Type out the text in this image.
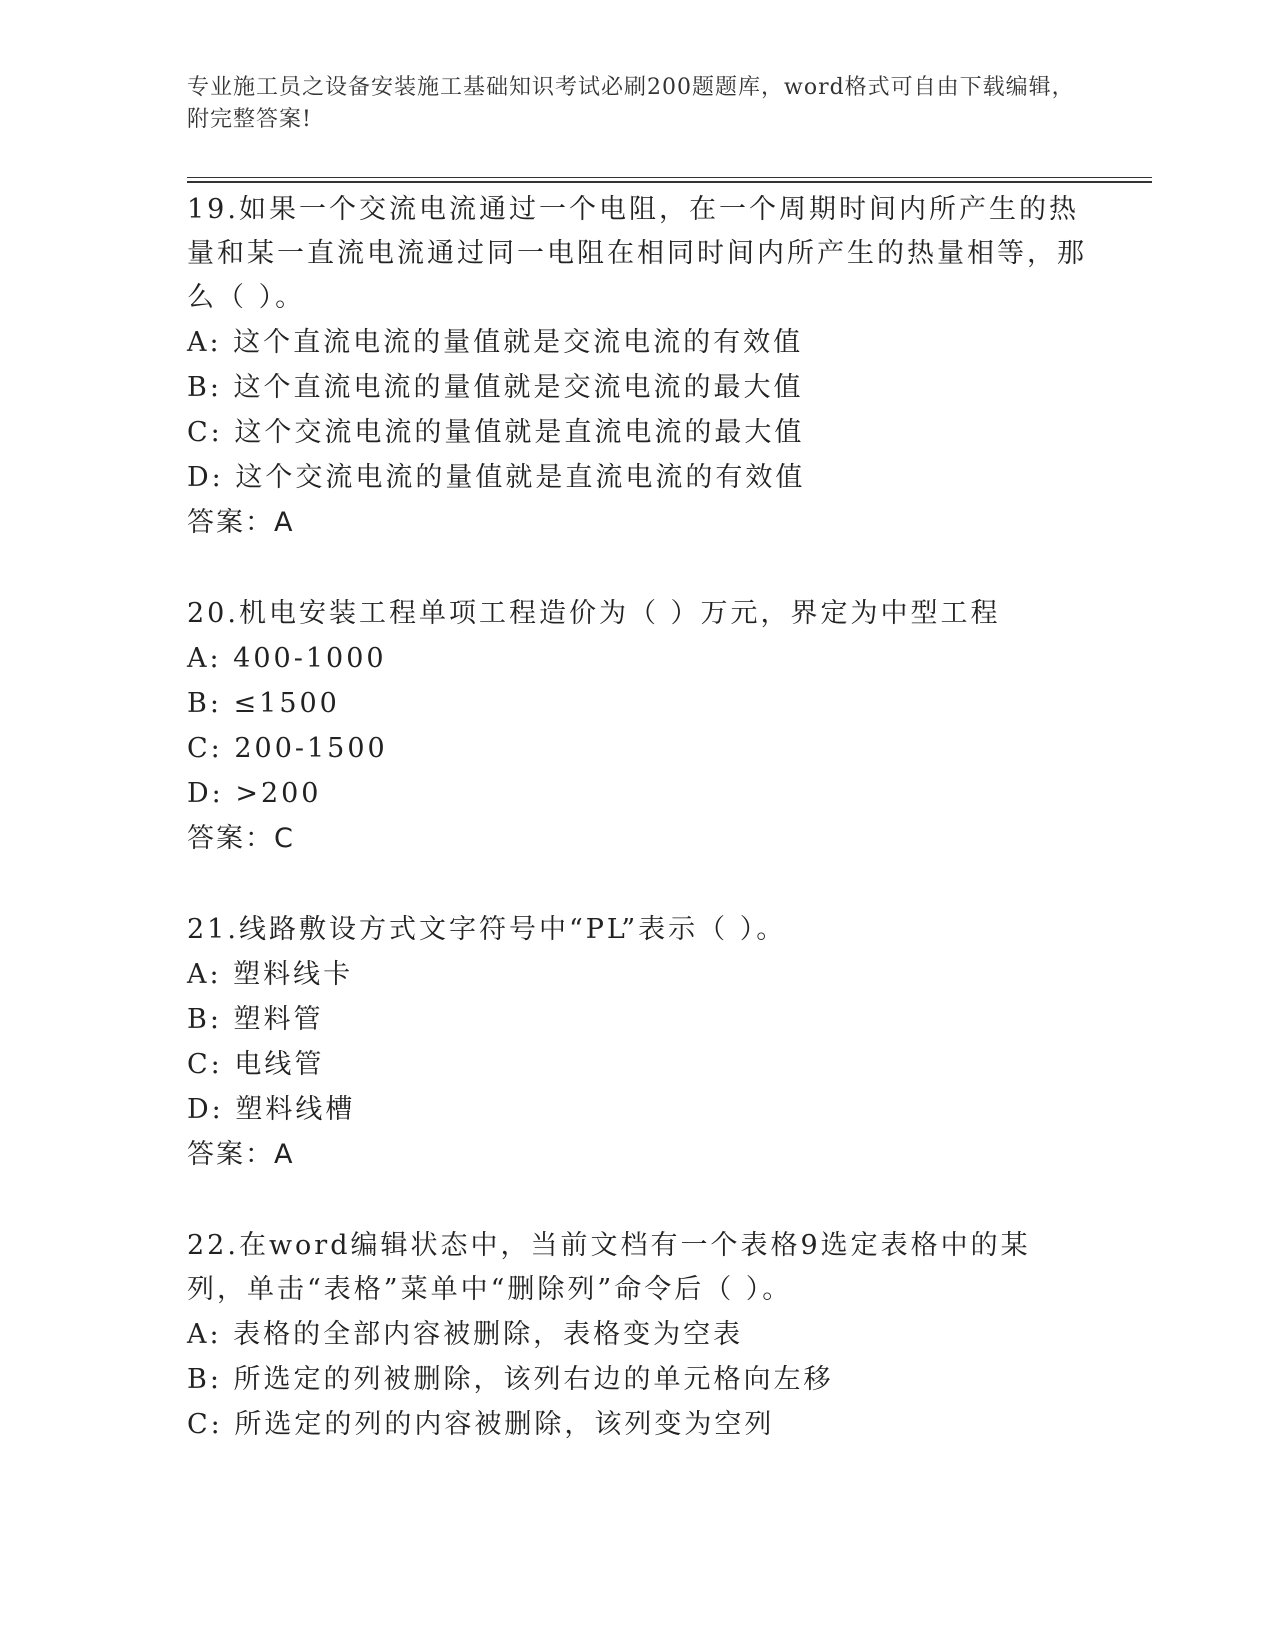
专业施工员之设备安装施工基础知识考试必刷200题题库，word格式可自由下载编辑，附完整答案!

19.如果一个交流电流通过一个电阻，在一个周期时间内所产生的热量和某一直流电流通过同一电阻在相同时间内所产生的热量相等，那么（ ）。

A: 这个直流电流的量值就是交流电流的有效值

B: 这个直流电流的量值就是交流电流的最大值

C: 这个交流电流的量值就是直流电流的最大值

D: 这个交流电流的量值就是直流电流的有效值

答案：A

20.机电安装工程单项工程造价为（ ）万元，界定为中型工程

A: 400-1000

B: ≤1500

C: 200-1500

D: >200

答案：C

21.线路敷设方式文字符号中“PL”表示（ ）。

A: 塑料线卡

B: 塑料管

C: 电线管

D: 塑料线槽

答案：A

22.在word编辑状态中，当前文档有一个表格9选定表格中的某列，单击“表格”菜单中“删除列”命令后（ ）。

A: 表格的全部内容被删除，表格变为空表

B: 所选定的列被删除，该列右边的单元格向左移

C: 所选定的列的内容被删除，该列变为空列
